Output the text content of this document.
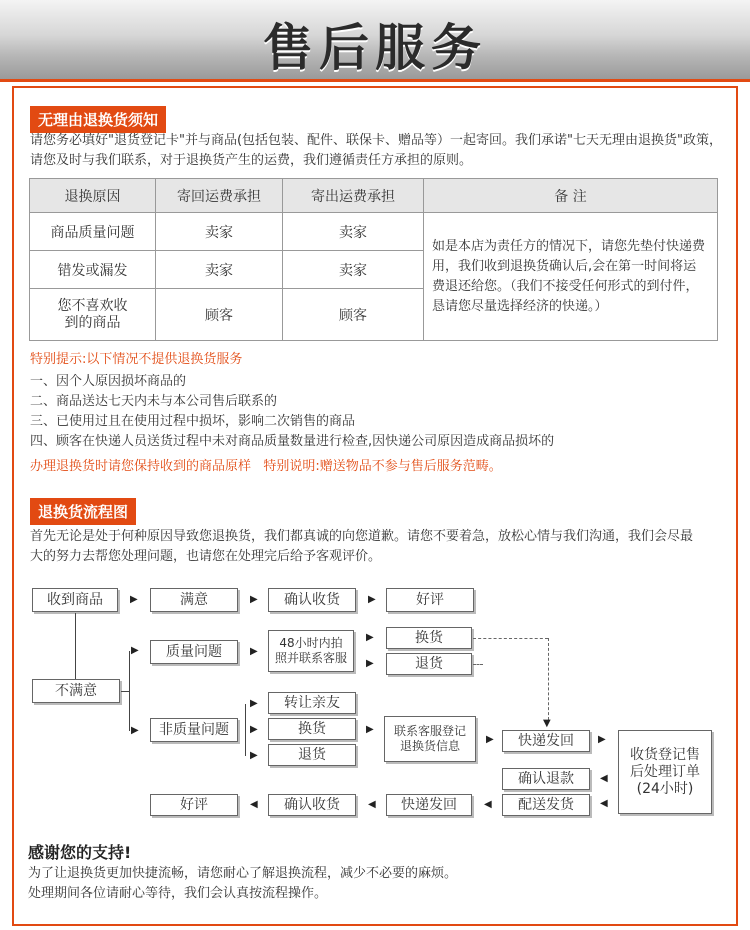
售后服务
无理由退换货须知
请您务必填好"退货登记卡"并与商品(包括包装、配件、联保卡、赠品等）一起寄回。我们承诺"七天无理由退换货"政策，
请您及时与我们联系，对于退换货产生的运费，我们遵循责任方承担的原则。
退换原因	寄回运费承担	寄出运费承担	备 注
商品质量问题	卖家	卖家	如是本店为责任方的情况下，请您先垫付快递费用，我们收到退换货确认后,会在第一时间将运费退还给您。（我们不接受任何形式的到付件，恳请您尽量选择经济的快递。）
错发或漏发	卖家	卖家	
您不喜欢收到的商品	顾客	顾客	
特别提示:以下情况不提供退换货服务
一、因个人原因损坏商品的
二、商品送达七天内未与本公司售后联系的
三、已使用过且在使用过程中损坏，影响二次销售的商品
四、顾客在快递人员送货过程中未对商品质量数量进行检查,因快递公司原因造成商品损坏的
办理退换货时请您保持收到的商品原样   特别说明:赠送物品不参与售后服务范畴。
退换货流程图
首先无论是处于何种原因导致您退换货，我们都真诚的向您道歉。请您不要着急，放松心情与我们沟通，我们会尽最
大的努力去帮您处理问题，也请您在处理完后给予客观评价。
收到商品	▶	满意	▶	确认收货	▶	好评
不满意
▶
▶
质量问题	▶
48小时内拍照并联系客服
▶
▶
换货
退货
▼
非质量问题
▶
▶
▶
转让亲友
换货
退货
▶	联系客服登记退换货信息	▶	快递发回	▶
收货登记售后处理订单(24小时)
◀
◀
确认退款
配送发货
◀
快递发回
◀
确认收货
◀
好评
感谢您的支持!
为了让退换货更加快捷流畅，请您耐心了解退换流程，减少不必要的麻烦。
处理期间各位请耐心等待，我们会认真按流程操作。
